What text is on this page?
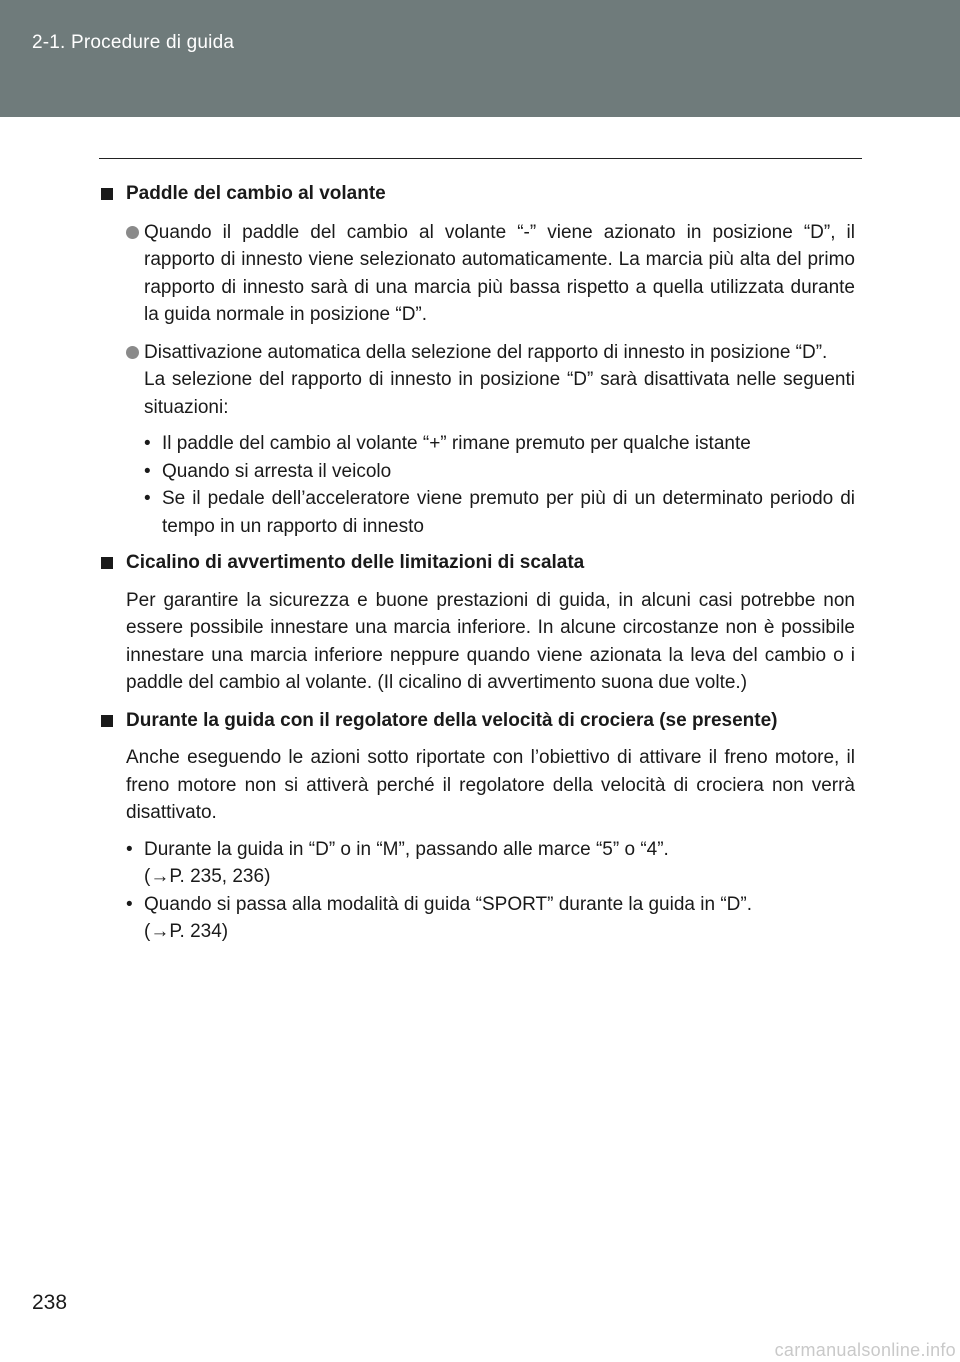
2-1. Procedure di guida
Paddle del cambio al volante
Quando il paddle del cambio al volante “-” viene azionato in posizione “D”, il rapporto di innesto viene selezionato automaticamente. La marcia più alta del primo rapporto di innesto sarà di una marcia più bassa rispetto a quella utilizzata durante la guida normale in posizione “D”.
Disattivazione automatica della selezione del rapporto di innesto in posizione “D”.
La selezione del rapporto di innesto in posizione “D” sarà disattivata nelle seguenti situazioni:
• Il paddle del cambio al volante “+” rimane premuto per qualche istante
• Quando si arresta il veicolo
• Se il pedale dell’acceleratore viene premuto per più di un determinato periodo di tempo in un rapporto di innesto
Cicalino di avvertimento delle limitazioni di scalata
Per garantire la sicurezza e buone prestazioni di guida, in alcuni casi potrebbe non essere possibile innestare una marcia inferiore. In alcune circostanze non è possibile innestare una marcia inferiore neppure quando viene azionata la leva del cambio o i paddle del cambio al volante. (Il cicalino di avvertimento suona due volte.)
Durante la guida con il regolatore della velocità di crociera (se presente)
Anche eseguendo le azioni sotto riportate con l’obiettivo di attivare il freno motore, il freno motore non si attiverà perché il regolatore della velocità di crociera non verrà disattivato.
• Durante la guida in “D” o in “M”, passando alle marce “5” o “4”.
(→P. 235, 236)
• Quando si passa alla modalità di guida “SPORT” durante la guida in “D”.
(→P. 234)
238
carmanualsonline.info
